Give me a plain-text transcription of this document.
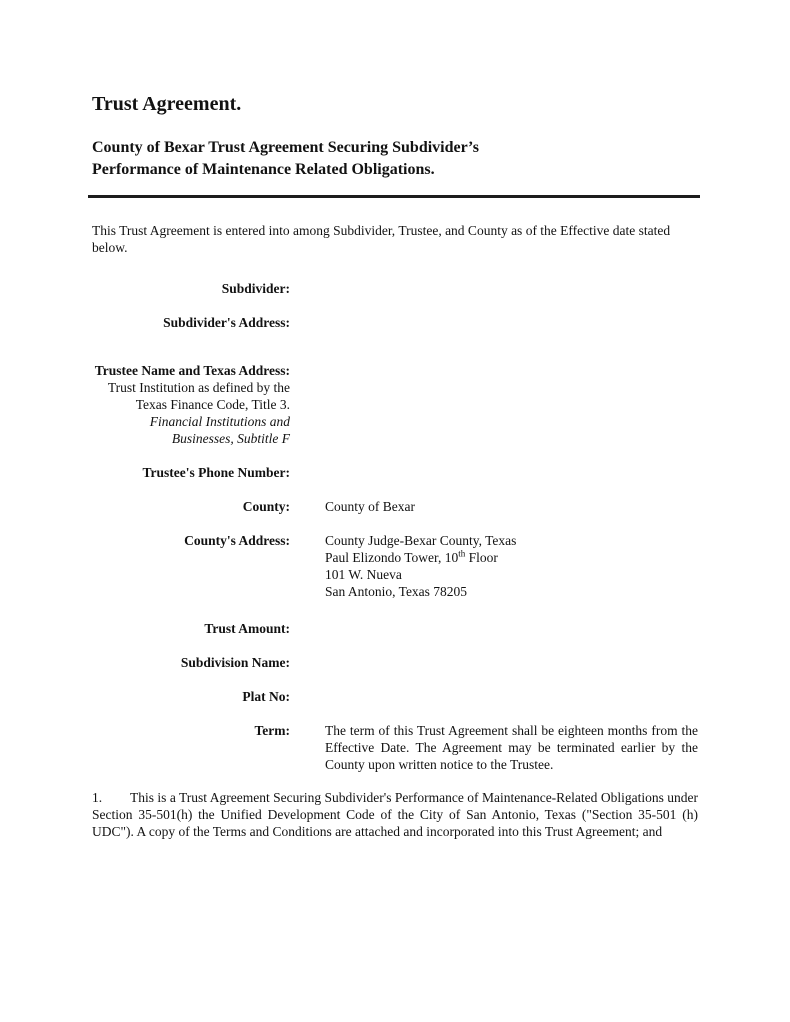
Trust Agreement.
County of Bexar Trust Agreement Securing Subdivider’s Performance of Maintenance Related Obligations.
This Trust Agreement is entered into among Subdivider, Trustee, and County as of the Effective date stated below.
Subdivider:
Subdivider's Address:
Trustee Name and Texas Address: Trust Institution as defined by the Texas Finance Code, Title 3. Financial Institutions and Businesses, Subtitle F
Trustee's Phone Number:
County:	County of Bexar
County's Address:	County Judge-Bexar County, Texas
Paul Elizondo Tower, 10th Floor
101 W. Nueva
San Antonio, Texas 78205
Trust Amount:
Subdivision Name:
Plat No:
Term:	The term of this Trust Agreement shall be eighteen months from the Effective Date. The Agreement may be terminated earlier by the County upon written notice to the Trustee.
1. This is a Trust Agreement Securing Subdivider's Performance of Maintenance-Related Obligations under Section 35-501(h) the Unified Development Code of the City of San Antonio, Texas ("Section 35-501 (h) UDC"). A copy of the Terms and Conditions are attached and incorporated into this Trust Agreement; and
